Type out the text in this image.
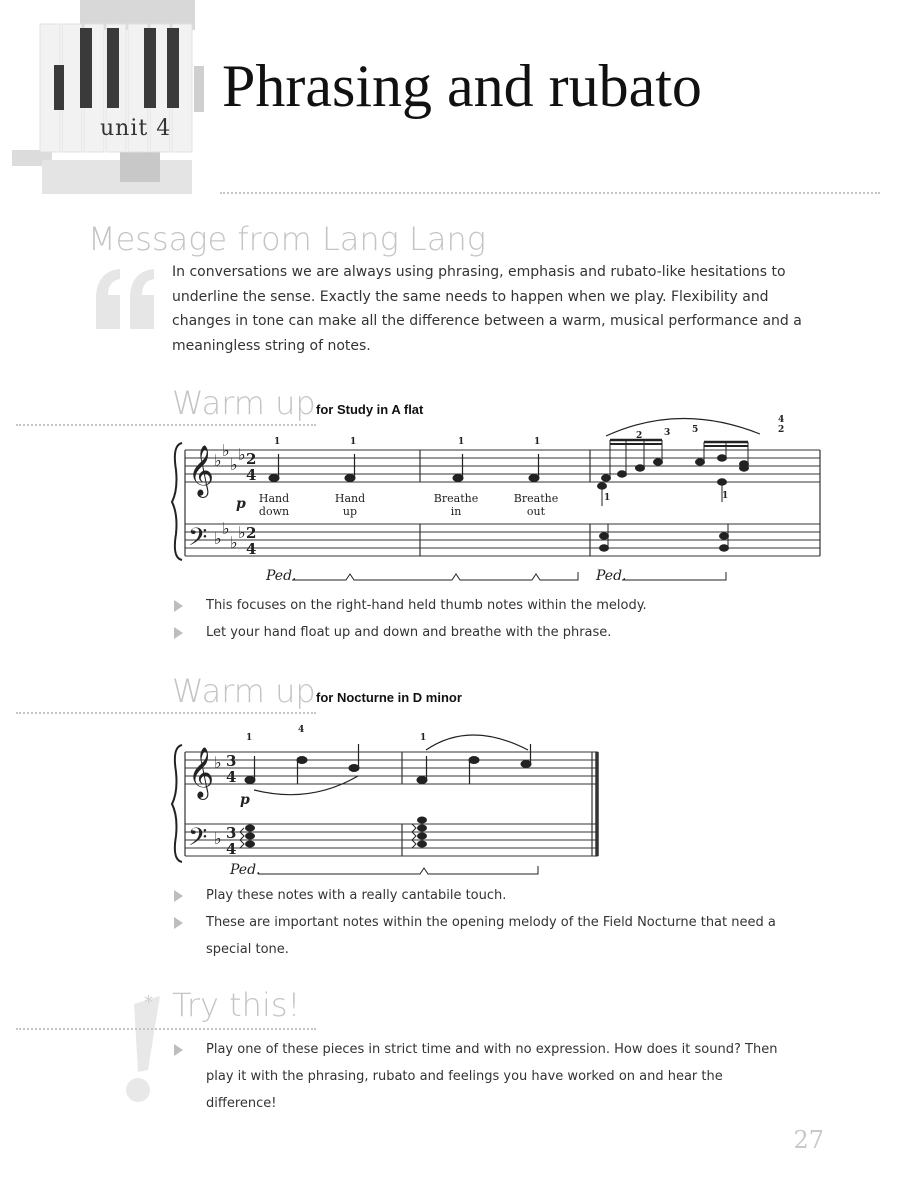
unit 4
Phrasing and rubato
Message from Lang Lang

In conversations we are always using phrasing, emphasis and rubato-like hesitations to underline the sense. Exactly the same needs to happen when we play. Flexibility and changes in tone can make all the difference between a warm, musical performance and a meaningless string of notes.

Warm up for Study in A flat
𝄞
𝄢
♭
♭
♭
♭
♭
♭
♭
♭
2
4
2
4
1	1	1	1
2 3 5
4
2
1	1
p Hand
down
Hand
up
Breathe
in
Breathe
out
Ped.	Ped.
This focuses on the right-hand held thumb notes within the melody.
Let your hand float up and down and breathe with the phrase.
Warm up for Nocturne in D minor
𝄞
𝄢
♭
♭
3
4
3
4
1
4
1
p
Ped.
Play these notes with a really cantabile touch.
These are important notes within the opening melody of the Field Nocturne that need a special tone.
* Try this!
Play one of these pieces in strict time and with no expression. How does it sound? Then play it with the phrasing, rubato and feelings you have worked on and hear the difference!
27
